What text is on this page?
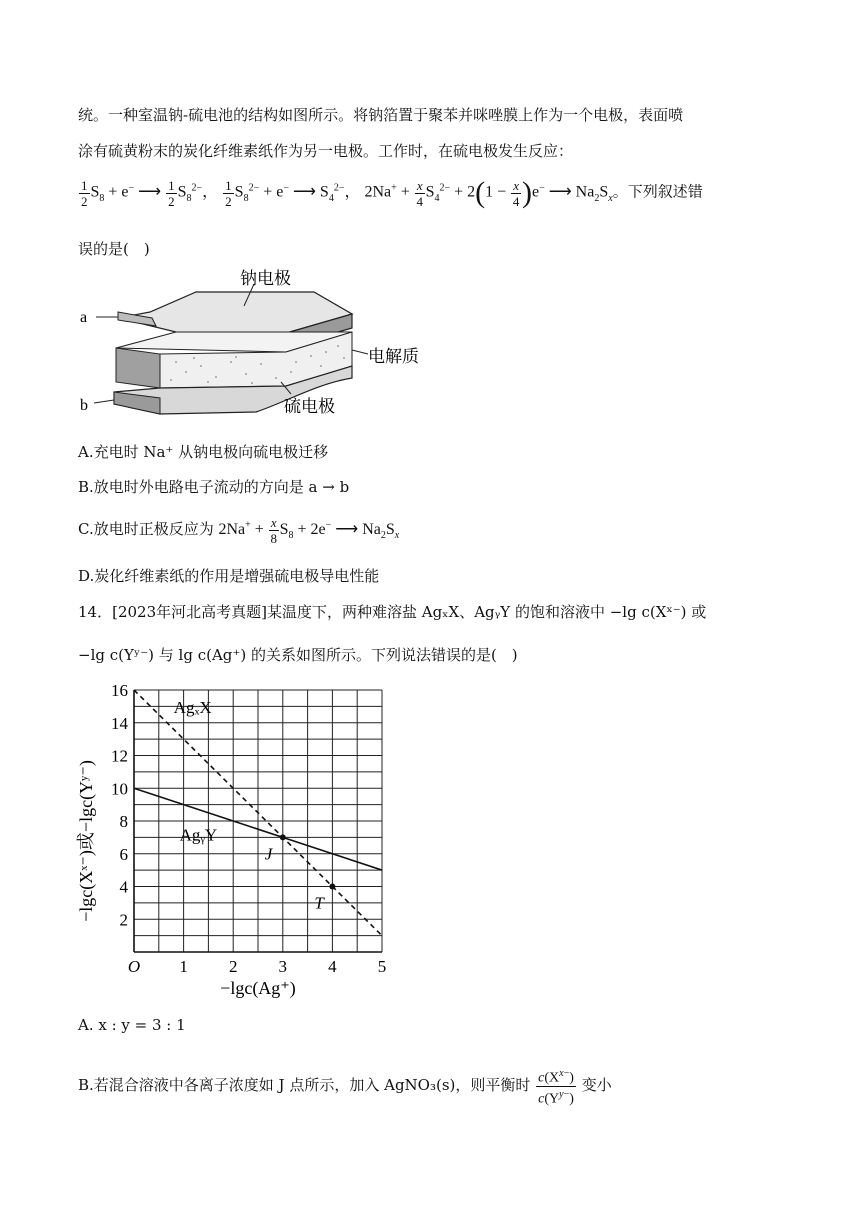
统。一种室温钠-硫电池的结构如图所示。将钠箔置于聚苯并咪唑膜上作为一个电极，表面喷
涂有硫黄粉末的炭化纤维素纸作为另一电极。工作时，在硫电极发生反应：
$\frac{1}{2} S_8 + e^-$ ⟶ $\frac{1}{2} S_8^{2-}$， $\frac{1}{2} S_8^{2-} + e^-$ ⟶ $S_4^{2-}$， $2Na^+ + \frac{x}{4} S_4^{2-} + 2(1 - \frac{x}{4} )e^-$ ⟶ $Na_2S_x$。下列叙述错
误的是(　)
钠电极
电解质
硫电极
a
b
A.充电时 Na⁺ 从钠电极向硫电极迁移
B.放电时外电路电子流动的方向是 a → b
C.放电时正极反应为 $2Na^+ + \frac{x}{8} S_8 + 2e^-$ ⟶ $Na_2S_x$
D.炭化纤维素纸的作用是增强硫电极导电性能
14．[2023年河北高考真题]某温度下，两种难溶盐 AgₓX、AgᵧY 的饱和溶液中 −lg c(Xˣ⁻) 或
−lg c(Yʸ⁻) 与 lg c(Ag⁺) 的关系如图所示。下列说法错误的是(　)
O 1 2 3 4 5
2
4
6
8
10
12
14
16
−lgc(Ag⁺)
−lgc(Xˣ⁻)或−lgc(Yʸ⁻)
AgₓX
AgᵧY
J
T
A. x : y = 3 : 1
B.若混合溶液中各离子浓度如 J 点所示，加入 AgNO₃(s)，则平衡时 $\frac{c(X^{x-})}{c(Y^{y-})}$ 变小
